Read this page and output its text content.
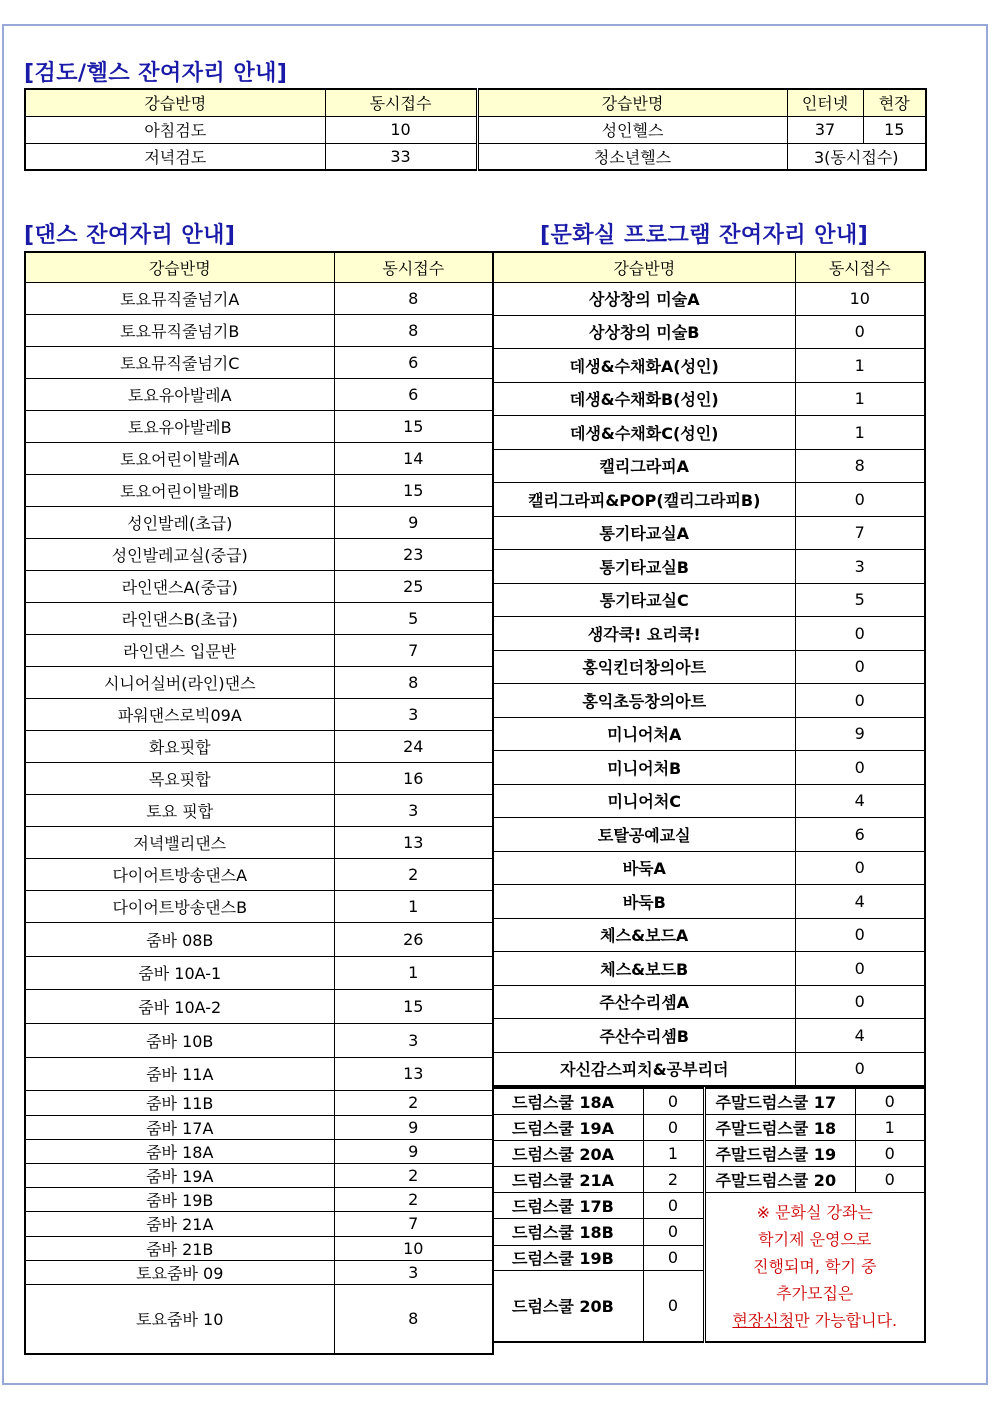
[검도/헬스 잔여자리 안내]
강습반명	동시접수	강습반명	인터넷	현장
아침검도	10	성인헬스	37	15
저녁검도	33	청소년헬스	3(동시접수)	
[댄스 잔여자리 안내]	[문화실 프로그램 잔여자리 안내]
강습반명	동시접수
토요뮤직줄넘기A	8
토요뮤직줄넘기B	8
토요뮤직줄넘기C	6
토요유아발레A	6
토요유아발레B	15
토요어린이발레A	14
토요어린이발레B	15
성인발레(초급)	9
성인발레교실(중급)	23
라인댄스A(중급)	25
라인댄스B(초급)	5
라인댄스 입문반	7
시니어실버(라인)댄스	8
파워댄스로빅09A	3
화요핏합	24
목요핏합	16
토요 핏합	3
저녁밸리댄스	13
다이어트방송댄스A	2
다이어트방송댄스B	1
줌바 08B	26
줌바 10A-1	1
줌바 10A-2	15
줌바 10B	3
줌바 11A	13
줌바 11B	2
줌바 17A	9
줌바 18A	9
줌바 19A	2
줌바 19B	2
줌바 21A	7
줌바 21B	10
토요줌바 09	3
토요줌바 10	8
강습반명	동시접수
상상창의 미술A	10
상상창의 미술B	0
데생&수채화A(성인)	1
데생&수채화B(성인)	1
데생&수채화C(성인)	1
캘리그라피A	8
캘리그라피&POP(캘리그라피B)	0
통기타교실A	7
통기타교실B	3
통기타교실C	5
생각쿡! 요리쿡!	0
홍익킨더창의아트	0
홍익초등창의아트	0
미니어처A	9
미니어처B	0
미니어처C	4
토탈공예교실	6
바둑A	0
바둑B	4
체스&보드A	0
체스&보드B	0
주산수리셈A	0
주산수리셈B	4
자신감스피치&공부리더	0
드럼스쿨 18A	0	주말드럼스쿨 17	0
드럼스쿨 19A	0	주말드럼스쿨 18	1
드럼스쿨 20A	1	주말드럼스쿨 19	0
드럼스쿨 21A	2	주말드럼스쿨 20	0
드럼스쿨 17B	0	※ 문화실 강좌는
학기제 운영으로
진행되며, 학기 중
추가모집은
현장신청만 가능합니다.	

드럼스쿨 18B	0		
드럼스쿨 19B	0		
드럼스쿨 20B	0		
